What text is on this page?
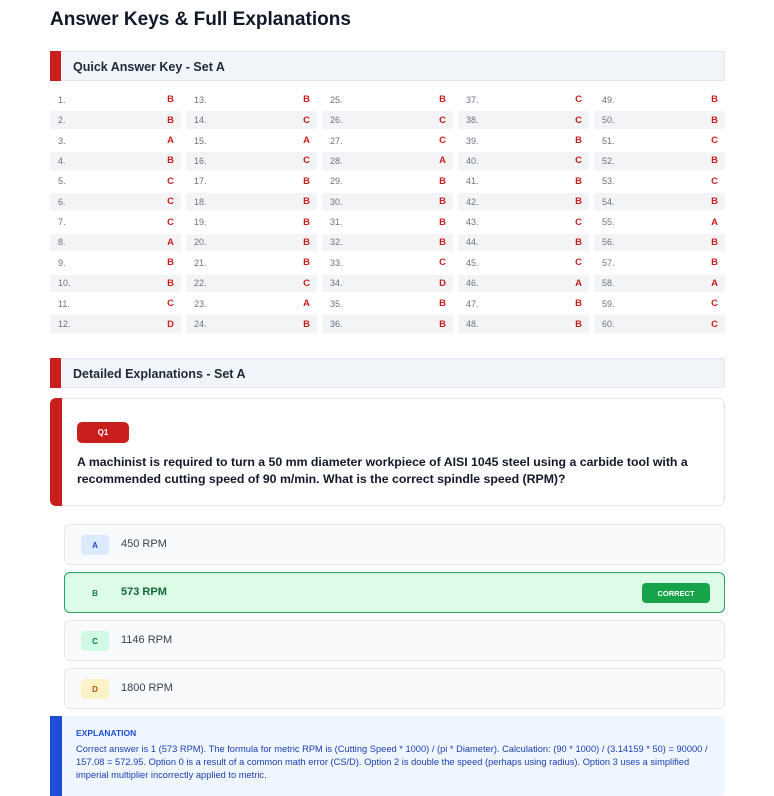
Answer Keys & Full Explanations
Quick Answer Key - Set A
1.	B 13.	B 25.	B 37.	C 49.	B
2.	B 14.	C 26.	C 38.	C 50.	B
3.	A 15.	A 27.	C 39.	B 51.	C
4.	B 16.	C 28.	A 40.	C 52.	B
5.	C 17.	B 29.	B 41.	B 53.	C
6.	C 18.	B 30.	B 42.	B 54.	B
7.	C 19.	B 31.	B 43.	C 55.	A
8.	A 20.	B 32.	B 44.	B 56.	B
9.	B 21.	B 33.	C 45.	C 57.	B
10.	B 22.	C 34.	D 46.	A 58.	A
11.	C 23.	A 35.	B 47.	B 59.	C
12.	D 24.	B 36.	B 48.	B 60.	C
Detailed Explanations - Set A
Q1
A machinist is required to turn a 50 mm diameter workpiece of AISI 1045 steel using a carbide tool with a recommended cutting speed of 90 m/min. What is the correct spindle speed (RPM)?
A	450 RPM
B	573 RPM	CORRECT
C	1146 RPM
D	1800 RPM
EXPLANATION
Correct answer is 1 (573 RPM). The formula for metric RPM is (Cutting Speed * 1000) / (pi * Diameter). Calculation: (90 * 1000) / (3.14159 * 50) = 90000 / 157.08 = 572.95. Option 0 is a result of a common math error (CS/D). Option 2 is double the speed (perhaps using radius). Option 3 uses a simplified imperial multiplier incorrectly applied to metric.
